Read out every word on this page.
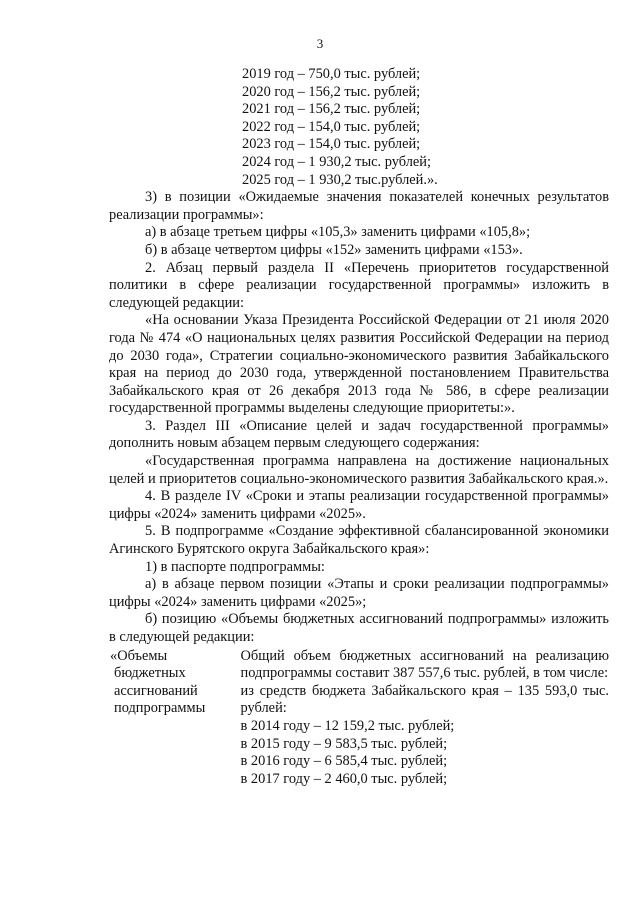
3
2019 год – 750,0 тыс. рублей;
2020 год – 156,2 тыс. рублей;
2021 год – 156,2 тыс. рублей;
2022 год – 154,0 тыс. рублей;
2023 год – 154,0 тыс. рублей;
2024 год – 1 930,2 тыс. рублей;
2025 год – 1 930,2 тыс.рублей.».

3) в позиции «Ожидаемые значения показателей конечных результатов реализации программы»:

а) в абзаце третьем цифры «105,3» заменить цифрами «105,8»;

б) в абзаце четвертом цифры «152» заменить цифрами «153».

2. Абзац первый раздела II «Перечень приоритетов государственной политики в сфере реализации государственной программы» изложить в следующей редакции:

«На основании Указа Президента Российской Федерации от 21 июля 2020 года № 474 «О национальных целях развития Российской Федерации на период до 2030 года», Стратегии социально-экономического развития Забайкальского края на период до 2030 года, утвержденной постановлением Правительства Забайкальского края от 26 декабря 2013 года № 586, в сфере реализации государственной программы выделены следующие приоритеты:».

3. Раздел III «Описание целей и задач государственной программы» дополнить новым абзацем первым следующего содержания:

«Государственная программа направлена на достижение национальных целей и приоритетов социально-экономического развития Забайкальского края.».

4. В разделе IV «Сроки и этапы реализации государственной программы» цифры «2024» заменить цифрами «2025».

5. В подпрограмме «Создание эффективной сбалансированной экономики Агинского Бурятского округа Забайкальского края»:

1) в паспорте подпрограммы:

а) в абзаце первом позиции «Этапы и сроки реализации подпрограммы» цифры «2024» заменить цифрами «2025»;

б) позицию «Объемы бюджетных ассигнований подпрограммы» изложить в следующей редакции:

«Объемы
бюджетных
ассигнований
подпрограммы

Общий объем бюджетных ассигнований на реализацию подпрограммы составит 387 557,6 тыс. рублей, в том числе:

из средств бюджета Забайкальского края – 135 593,0 тыс. рублей:

в 2014 году – 12 159,2 тыс. рублей;
в 2015 году – 9 583,5 тыс. рублей;
в 2016 году – 6 585,4 тыс. рублей;
в 2017 году – 2 460,0 тыс. рублей;
